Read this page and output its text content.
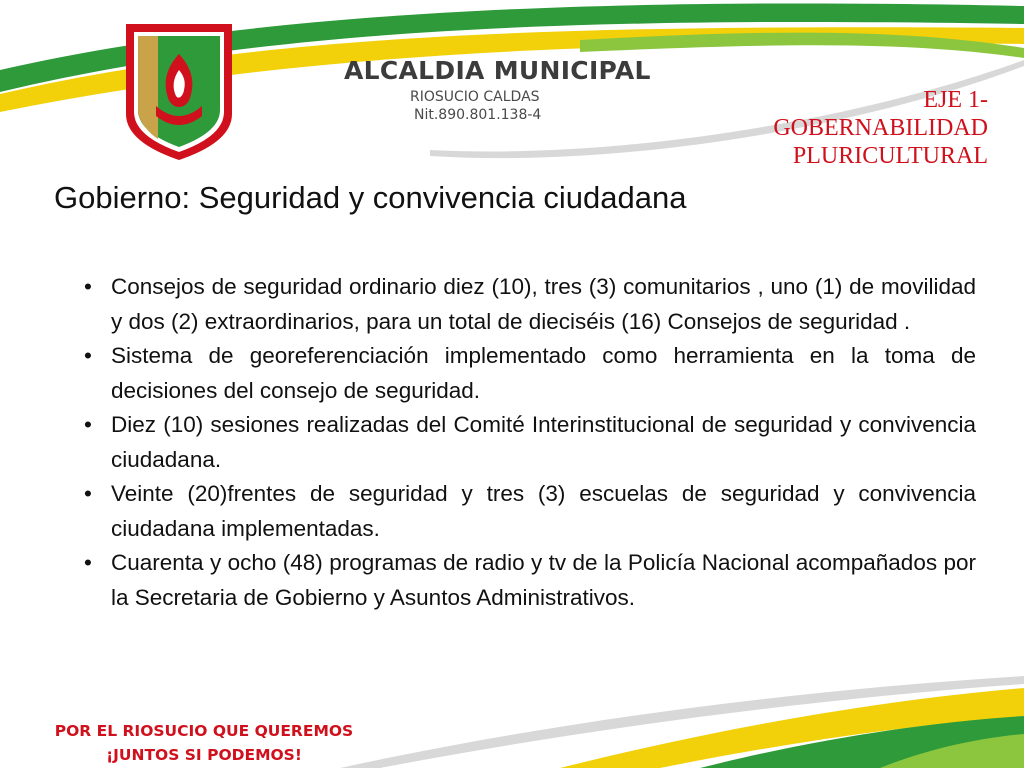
ALCALDIA MUNICIPAL
RIOSUCIO CALDAS
Nit.890.801.138-4
EJE 1-
GOBERNABILIDAD
PLURICULTURAL
Gobierno: Seguridad y convivencia ciudadana
• Consejos de seguridad ordinario diez (10), tres (3) comunitarios , uno (1) de movilidad y dos (2) extraordinarios, para un total de dieciséis (16) Consejos de seguridad .
• Sistema de georeferenciación implementado como herramienta en la toma de decisiones del consejo de seguridad.
• Diez (10) sesiones realizadas del Comité Interinstitucional de seguridad y convivencia ciudadana.
• Veinte (20)frentes de seguridad y tres (3) escuelas de seguridad y convivencia ciudadana implementadas.
• Cuarenta y ocho (48) programas de radio y tv de la Policía Nacional acompañados por la Secretaria de Gobierno y Asuntos Administrativos.
POR EL RIOSUCIO QUE QUEREMOS
¡JUNTOS SI PODEMOS!
